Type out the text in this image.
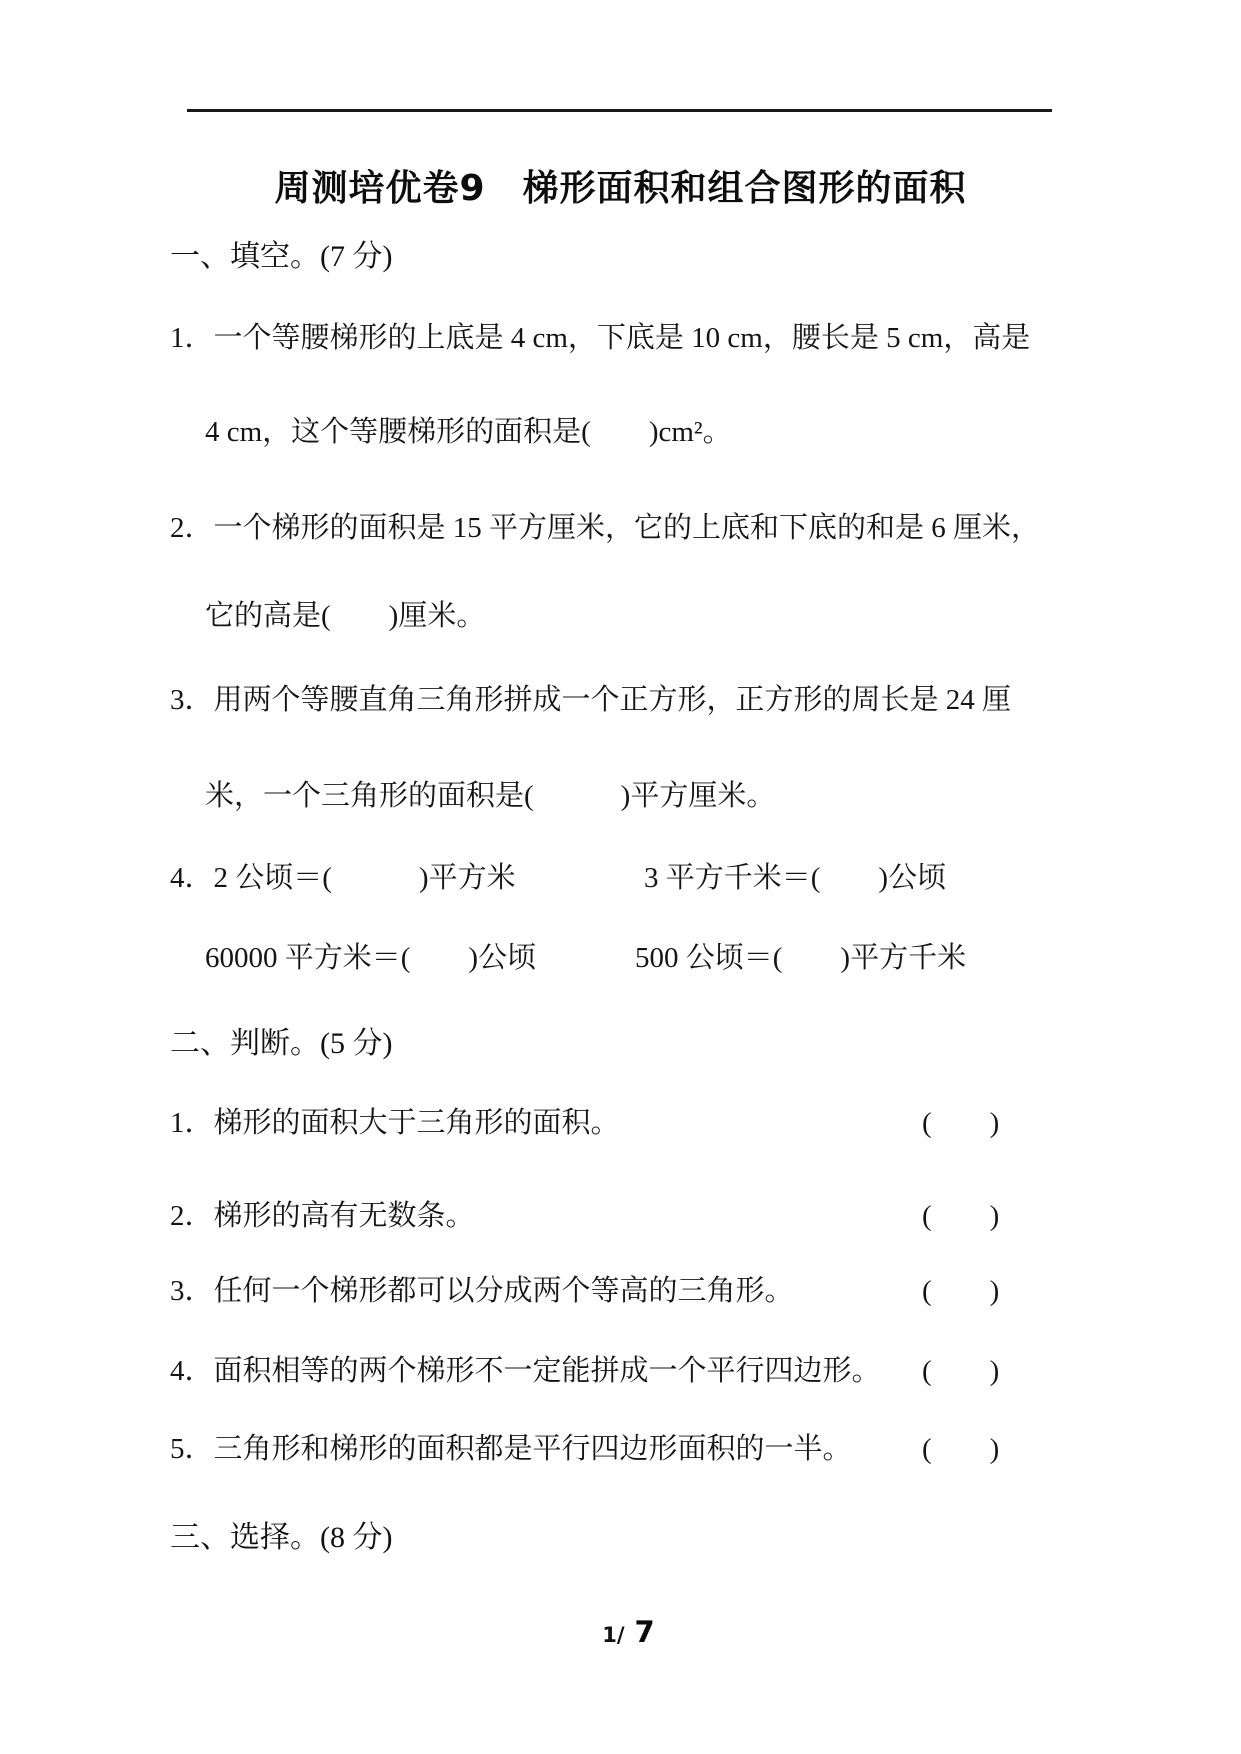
周测培优卷9　梯形面积和组合图形的面积
一、填空。(7 分)
1．一个等腰梯形的上底是 4 cm，下底是 10 cm，腰长是 5 cm，高是
4 cm，这个等腰梯形的面积是(　　)cm²。
2．一个梯形的面积是 15 平方厘米，它的上底和下底的和是 6 厘米，
它的高是(　　)厘米。
3．用两个等腰直角三角形拼成一个正方形，正方形的周长是 24 厘
米，一个三角形的面积是(　　　)平方厘米。
4．2 公顷＝(　　　)平方米	3 平方千米＝(　　)公顷
60000 平方米＝(　　)公顷	500 公顷＝(　　)平方千米
二、判断。(5 分)
1．梯形的面积大于三角形的面积。	(　　)
2．梯形的高有无数条。	(　　)
3．任何一个梯形都可以分成两个等高的三角形。	(　　)
4．面积相等的两个梯形不一定能拼成一个平行四边形。 (　　)
5．三角形和梯形的面积都是平行四边形面积的一半。 (　　)
三、选择。(8 分)

1/ 7
